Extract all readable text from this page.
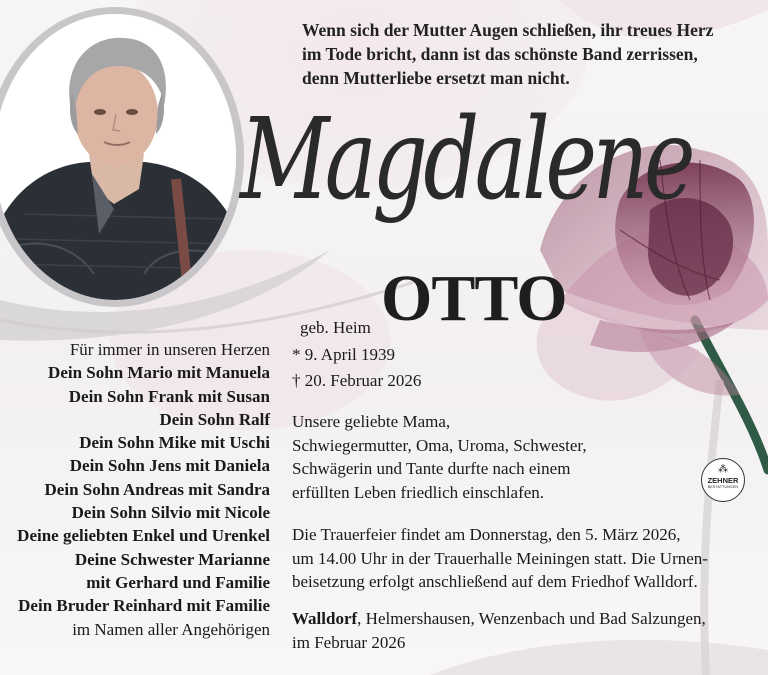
Wenn sich der Mutter Augen schließen, ihr treues Herz
im Tode bricht, dann ist das schönste Band zerrissen,
denn Mutterliebe ersetzt man nicht.
Magdalene
OTTO
geb. Heim
* 9. April 1939
† 20. Februar 2026
Für immer in unseren Herzen
Dein Sohn Mario mit Manuela
Dein Sohn Frank mit Susan
Dein Sohn Ralf
Dein Sohn Mike mit Uschi
Dein Sohn Jens mit Daniela
Dein Sohn Andreas mit Sandra
Dein Sohn Silvio mit Nicole
Deine geliebten Enkel und Urenkel
Deine Schwester Marianne
mit Gerhard und Familie
Dein Bruder Reinhard mit Familie
im Namen aller Angehörigen
Unsere geliebte Mama,
Schwiegermutter, Oma, Uroma, Schwester,
Schwägerin und Tante durfte nach einem
erfüllten Leben friedlich einschlafen.
Die Trauerfeier findet am Donnerstag, den 5. März 2026,
um 14.00 Uhr in der Trauerhalle Meiningen statt. Die Urnen-
beisetzung erfolgt anschließend auf dem Friedhof Walldorf.
Walldorf, Helmershausen, Wenzenbach und Bad Salzungen,
im Februar 2026
⁂
ZEHNER
BESTATTUNGEN
